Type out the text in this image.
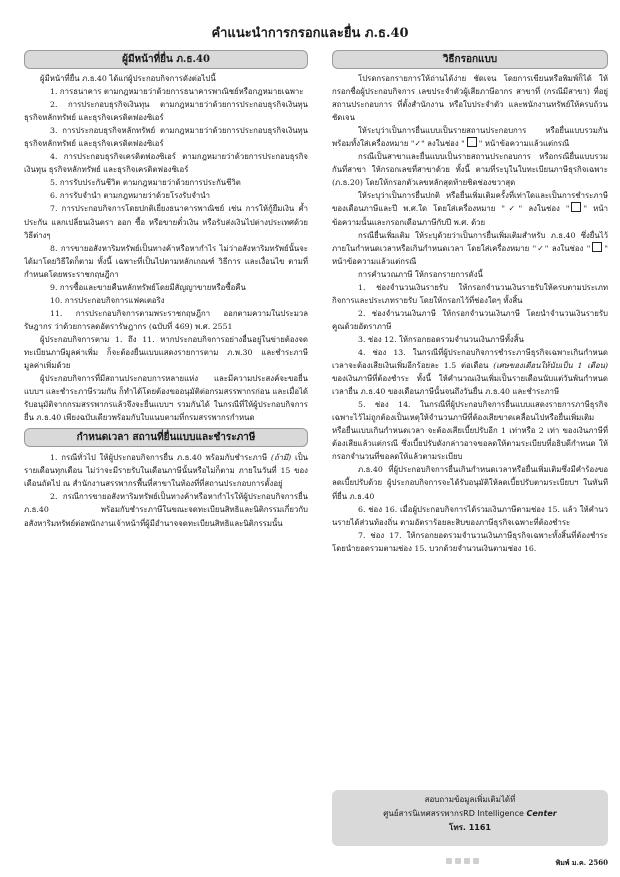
คำแนะนำการกรอกและยื่น ภ.ธ.40
ผู้มีหน้าที่ยื่น ภ.ธ.40

ผู้มีหน้าที่ยื่น ภ.ธ.40 ได้แก่ผู้ประกอบกิจการดังต่อไปนี้

1. การธนาคาร ตามกฎหมายว่าด้วยการธนาคารพาณิชย์หรือกฎหมายเฉพาะ

2. การประกอบธุรกิจเงินทุน ตามกฎหมายว่าด้วยการประกอบธุรกิจเงินทุน ธุรกิจหลักทรัพย์ และธุรกิจเครดิตฟองซิเอร์

3. การประกอบธุรกิจหลักทรัพย์ ตามกฎหมายว่าด้วยการประกอบธุรกิจเงินทุน ธุรกิจหลักทรัพย์ และธุรกิจเครดิตฟองซิเอร์

4. การประกอบธุรกิจเครดิตฟองซิเอร์ ตามกฎหมายว่าด้วยการประกอบธุรกิจเงินทุน ธุรกิจหลักทรัพย์ และธุรกิจเครดิตฟองซิเอร์

5. การรับประกันชีวิต ตามกฎหมายว่าด้วยการประกันชีวิต

6. การรับจำนำ ตามกฎหมายว่าด้วยโรงรับจำนำ

7. การประกอบกิจการโดยปกติเยี่ยงธนาคารพาณิชย์ เช่น การให้กู้ยืมเงิน ค้ำประกัน แลกเปลี่ยนเงินตรา ออก ซื้อ หรือขายตั๋วเงิน หรือรับส่งเงินไปต่างประเทศด้วยวิธีต่างๆ

8. การขายอสังหาริมทรัพย์เป็นทางค้าหรือหากำไร ไม่ว่าอสังหาริมทรัพย์นั้นจะได้มาโดยวิธีใดก็ตาม ทั้งนี้ เฉพาะที่เป็นไปตามหลักเกณฑ์ วิธีการ และเงื่อนไข ตามที่กำหนดโดยพระราชกฤษฎีกา

9. การซื้อและขายคืนหลักทรัพย์โดยมีสัญญาขายหรือซื้อคืน

10. การประกอบกิจการแฟคเตอริง

11. การประกอบกิจการตามพระราชกฤษฎีกา ออกตามความในประมวลรัษฎากร ว่าด้วยการลดอัตรารัษฎากร (ฉบับที่ 469) พ.ศ. 2551

ผู้ประกอบกิจการตาม 1. ถึง 11. หากประกอบกิจการอย่างอื่นอยู่ในข่ายต้องจดทะเบียนภาษีมูลค่าเพิ่ม ก็จะต้องยื่นแบบแสดงรายการตาม ภ.พ.30 และชำระภาษีมูลค่าเพิ่มด้วย

ผู้ประกอบกิจการที่มีสถานประกอบการหลายแห่ง และมีความประสงค์จะขอยื่นแบบฯ และชำระภาษีรวมกัน ก็ทำได้โดยต้องขออนุมัติต่อกรมสรรพากรก่อน และเมื่อได้รับอนุมัติจากกรมสรรพากรแล้วจึงจะยื่นแบบฯ รวมกันได้ ในกรณีที่ให้ผู้ประกอบกิจการยื่น ภ.ธ.40 เพียงฉบับเดียวพร้อมกับใบแนบตามที่กรมสรรพากรกำหนด

กำหนดเวลา สถานที่ยื่นแบบและชำระภาษี

1. กรณีทั่วไป ให้ผู้ประกอบกิจการยื่น ภ.ธ.40 พร้อมกับชำระภาษี (ถ้ามี) เป็นรายเดือนทุกเดือน ไม่ว่าจะมีรายรับในเดือนภาษีนั้นหรือไม่ก็ตาม ภายในวันที่ 15 ของเดือนถัดไป ณ สำนักงานสรรพากรพื้นที่สาขาในท้องที่ที่สถานประกอบการตั้งอยู่

2. กรณีการขายอสังหาริมทรัพย์เป็นทางค้าหรือหากำไรให้ผู้ประกอบกิจการยื่น ภ.ธ.40 พร้อมกับชำระภาษีในขณะจดทะเบียนสิทธิและนิติกรรมเกี่ยวกับอสังหาริมทรัพย์ต่อพนักงานเจ้าหน้าที่ผู้มีอำนาจจดทะเบียนสิทธิและนิติกรรมนั้น

วิธีกรอกแบบ

โปรดกรอกรายการให้ถ่านได้ง่าย ชัดเจน โดยการเขียนหรือพิมพ์ก็ได้ ให้กรอกชื่อผู้ประกอบกิจการ เลขประจำตัวผู้เสียภาษีอากร สาขาที่ (กรณีมีสาขา) ที่อยู่สถานประกอบการ ที่ตั้งสำนักงาน หรือใบประจำตัว และพนักงานทรัพย์ให้ครบถ้วนชัดเจน

ให้ระบุว่าเป็นการยื่นแบบเป็นรายสถานประกอบการ หรือยื่นแบบรวมกัน พร้อมทั้งใส่เครื่องหมาย "✓" ลงในช่อง " " หน้าข้อความแล้วแต่กรณี

กรณีเป็นสาขาและยื่นแบบเป็นรายสถานประกอบการ หรือกรณียื่นแบบรวมกันที่สาขา ให้กรอกเลขที่สาขาด้วย ทั้งนี้ ตามที่ระบุในใบทะเบียนภาษีธุรกิจเฉพาะ (ภ.ธ.20) โดยให้กรอกตัวเลขหลักสุดท้ายชิดช่องขวาสุด

ให้ระบุว่าเป็นการยื่นปกติ หรือยื่นเพิ่มเติมครั้งที่เท่าใดและเป็นการชำระภาษีของเดือนภาษีและปี พ.ศ.ใด โดยใส่เครื่องหมาย "✓" ลงในช่อง " " หน้าข้อความนั้นและกรอกเดือนภาษีกับปี พ.ศ. ด้วย

กรณียื่นเพิ่มเติม ให้ระบุด้วยว่าเป็นการยื่นเพิ่มเติมสำหรับ ภ.ธ.40 ซึ่งยื่นไว้ภายในกำหนดเวลาหรือเกินกำหนดเวลา โดยใส่เครื่องหมาย "✓" ลงในช่อง " " หน้าข้อความแล้วแต่กรณี

การคำนวณภาษี ให้กรอกรายการดังนี้

1. ช่องจำนวนเงินรายรับ ให้กรอกจำนวนเงินรายรับให้ครบตามประเภทกิจการและประเภทรายรับ โดยให้กรอกไว้ที่ช่องใดๆ ทั้งสิ้น

2. ช่องจำนวนเงินภาษี ให้กรอกจำนวนเงินภาษี โดยนำจำนวนเงินรายรับคูณด้วยอัตราภาษี

3. ช่อง 12. ให้กรอกยอดรวมจำนวนเงินภาษีทั้งสิ้น

4. ช่อง 13. ในกรณีที่ผู้ประกอบกิจการชำระภาษีธุรกิจเฉพาะเกินกำหนดเวลาจะต้องเสียเงินเพิ่มอีกร้อยละ 1.5 ต่อเดือน (เศษของเดือนให้นับเป็น 1 เดือน) ของเงินภาษีที่ต้องชำระ ทั้งนี้ ให้คำนวณเงินเพิ่มเป็นรายเดือนนับแต่วันพ้นกำหนดเวลายื่น ภ.ธ.40 ของเดือนภาษีนั้นจนถึงวันยื่น ภ.ธ.40 และชำระภาษี

5. ช่อง 14. ในกรณีที่ผู้ประกอบกิจการยื่นแบบแสดงรายการภาษีธุรกิจเฉพาะไว้ไม่ถูกต้องเป็นเหตุให้จำนวนภาษีที่ต้องเสียขาดเคลื่อนไปหรือยื่นเพิ่มเติม หรือยื่นแบบเกินกำหนดเวลา จะต้องเสียเบี้ยปรับอีก 1 เท่าหรือ 2 เท่า ของเงินภาษีที่ต้องเสียแล้วแต่กรณี ซึ่งเบี้ยปรับดังกล่าวอาจขอลดให้ตามระเบียบที่อธิบดีกำหนด ให้กรอกจำนวนที่ขอลดให้แล้วตามระเบียบ

ภ.ธ.40 ที่ผู้ประกอบกิจการยื่นเกินกำหนดเวลาหรือยื่นเพิ่มเติมซึ่งมีคำร้องขอลดเบี้ยปรับด้วย ผู้ประกอบกิจการจะได้รับอนุมัติให้ลดเบี้ยปรับตามระเบียบฯ ในทันทีที่ยื่น ภ.ธ.40

6. ช่อง 16. เมื่อผู้ประกอบกิจการได้รวมเงินภาษีตามช่อง 15. แล้ว ให้คำนวนรายได้ส่วนท้องถิ่น ตามอัตราร้อยละสิบของภาษีธุรกิจเฉพาะที่ต้องชำระ

7. ช่อง 17. ให้กรอกยอดรวมจำนวนเงินภาษีธุรกิจเฉพาะทั้งสิ้นที่ต้องชำระ โดยนำยอดรวมตามช่อง 15. บวกด้วยจำนวนเงินตามช่อง 16.

สอบถามข้อมูลเพิ่มเติมได้ที่
ศูนย์สารนิเทศสรรพากรRD Intelligence Center
โทร. 1161
พิมพ์ ม.ค. 2560
